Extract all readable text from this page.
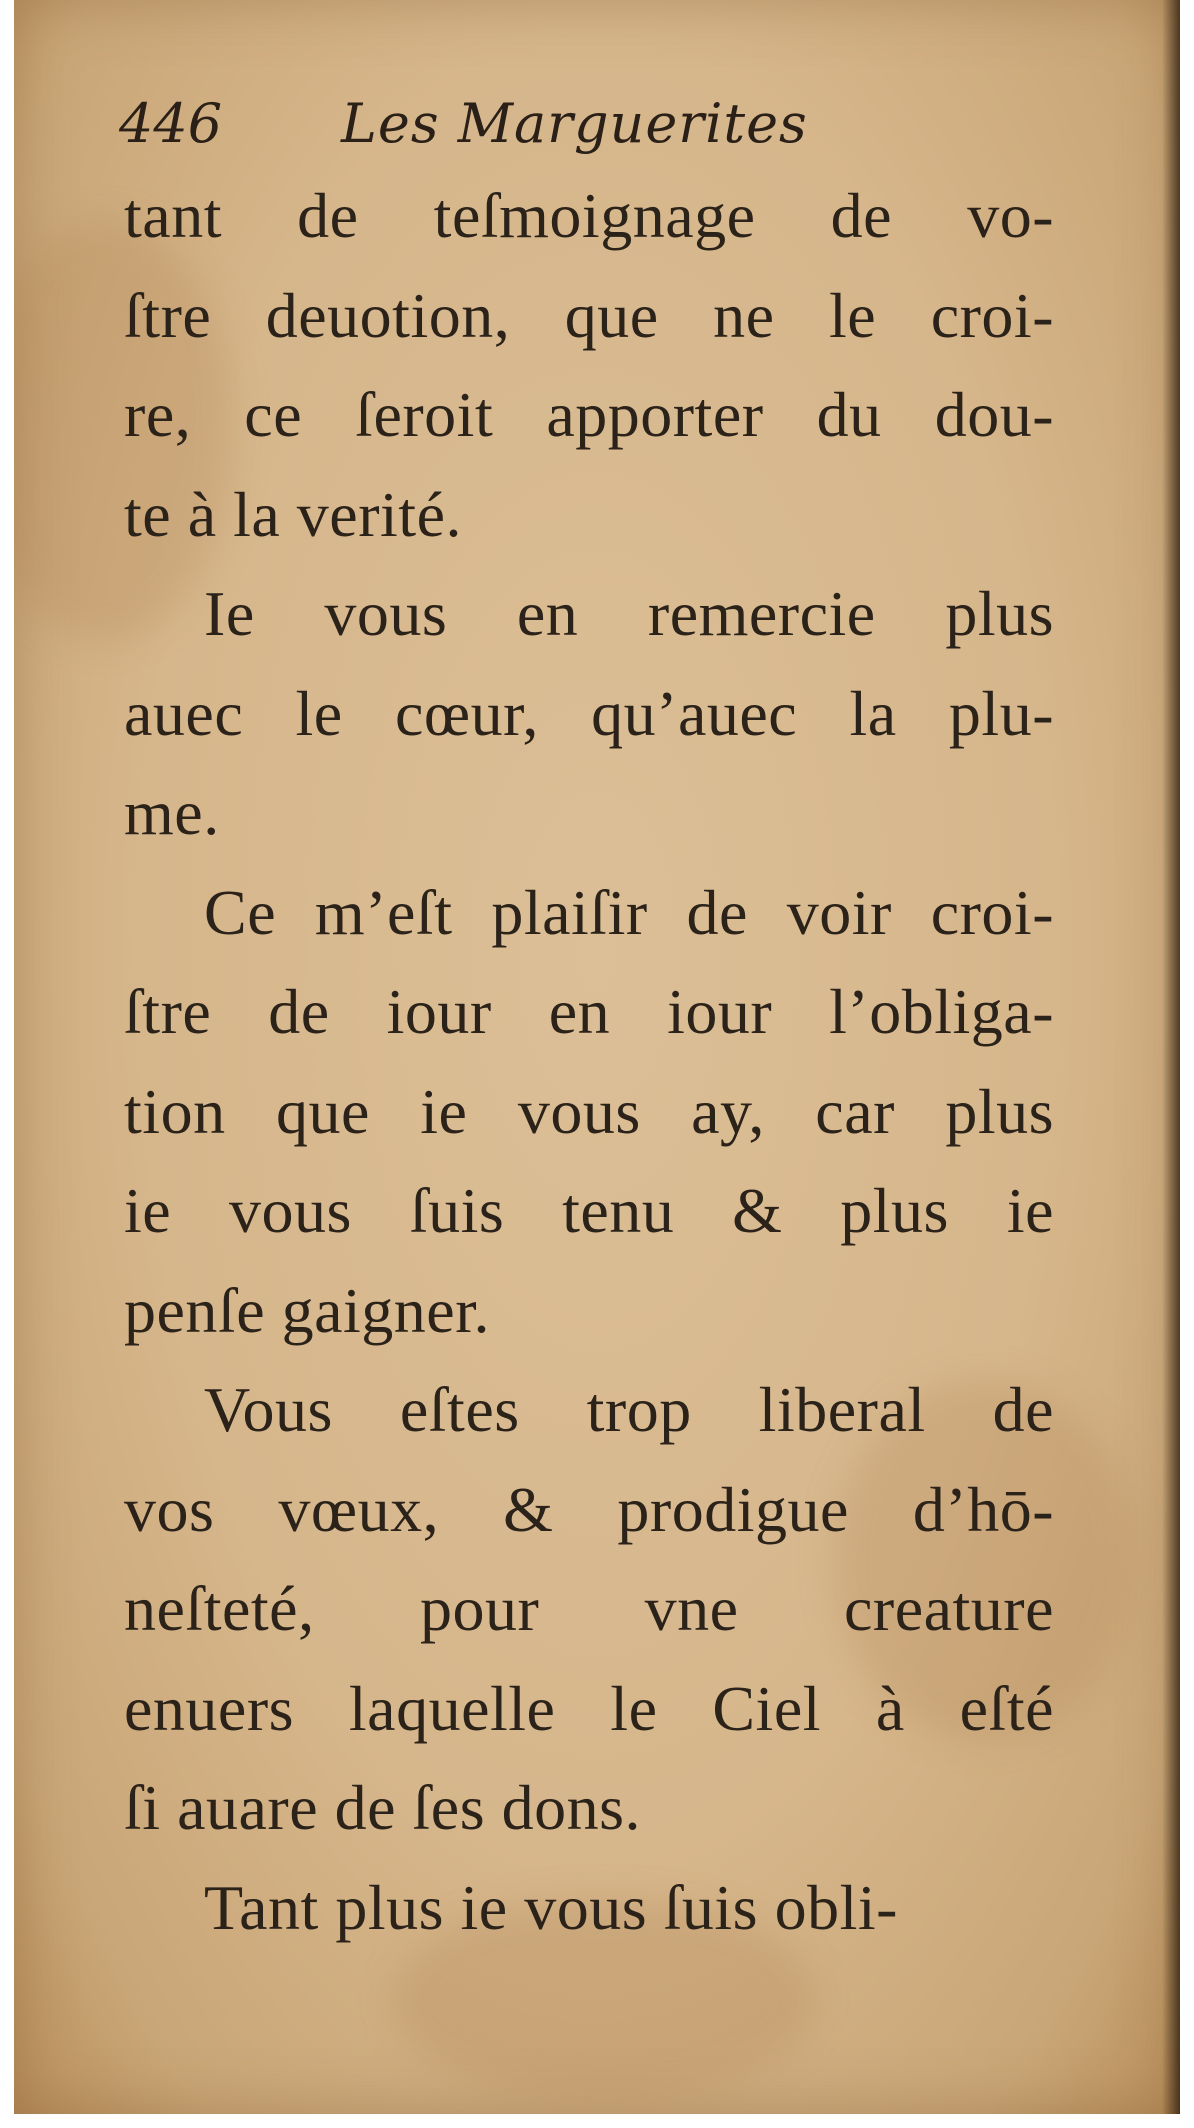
446 Les Marguerites
tant de teſmoignage de vo-
ſtre deuotion, que ne le croi-
re, ce ſeroit apporter du dou-
te à la verité.
Ie vous en remercie plus
auec le cœur, qu’auec la plu-
me.
Ce m’eſt plaiſir de voir croi-
ſtre de iour en iour l’obliga-
tion que ie vous ay, car plus
ie vous ſuis tenu & plus ie
penſe gaigner.
Vous eſtes trop liberal de
vos vœux, & prodigue d’hō-
neſteté, pour vne creature
enuers laquelle le Ciel à eſté
ſi auare de ſes dons.
Tant plus ie vous ſuis obli-
